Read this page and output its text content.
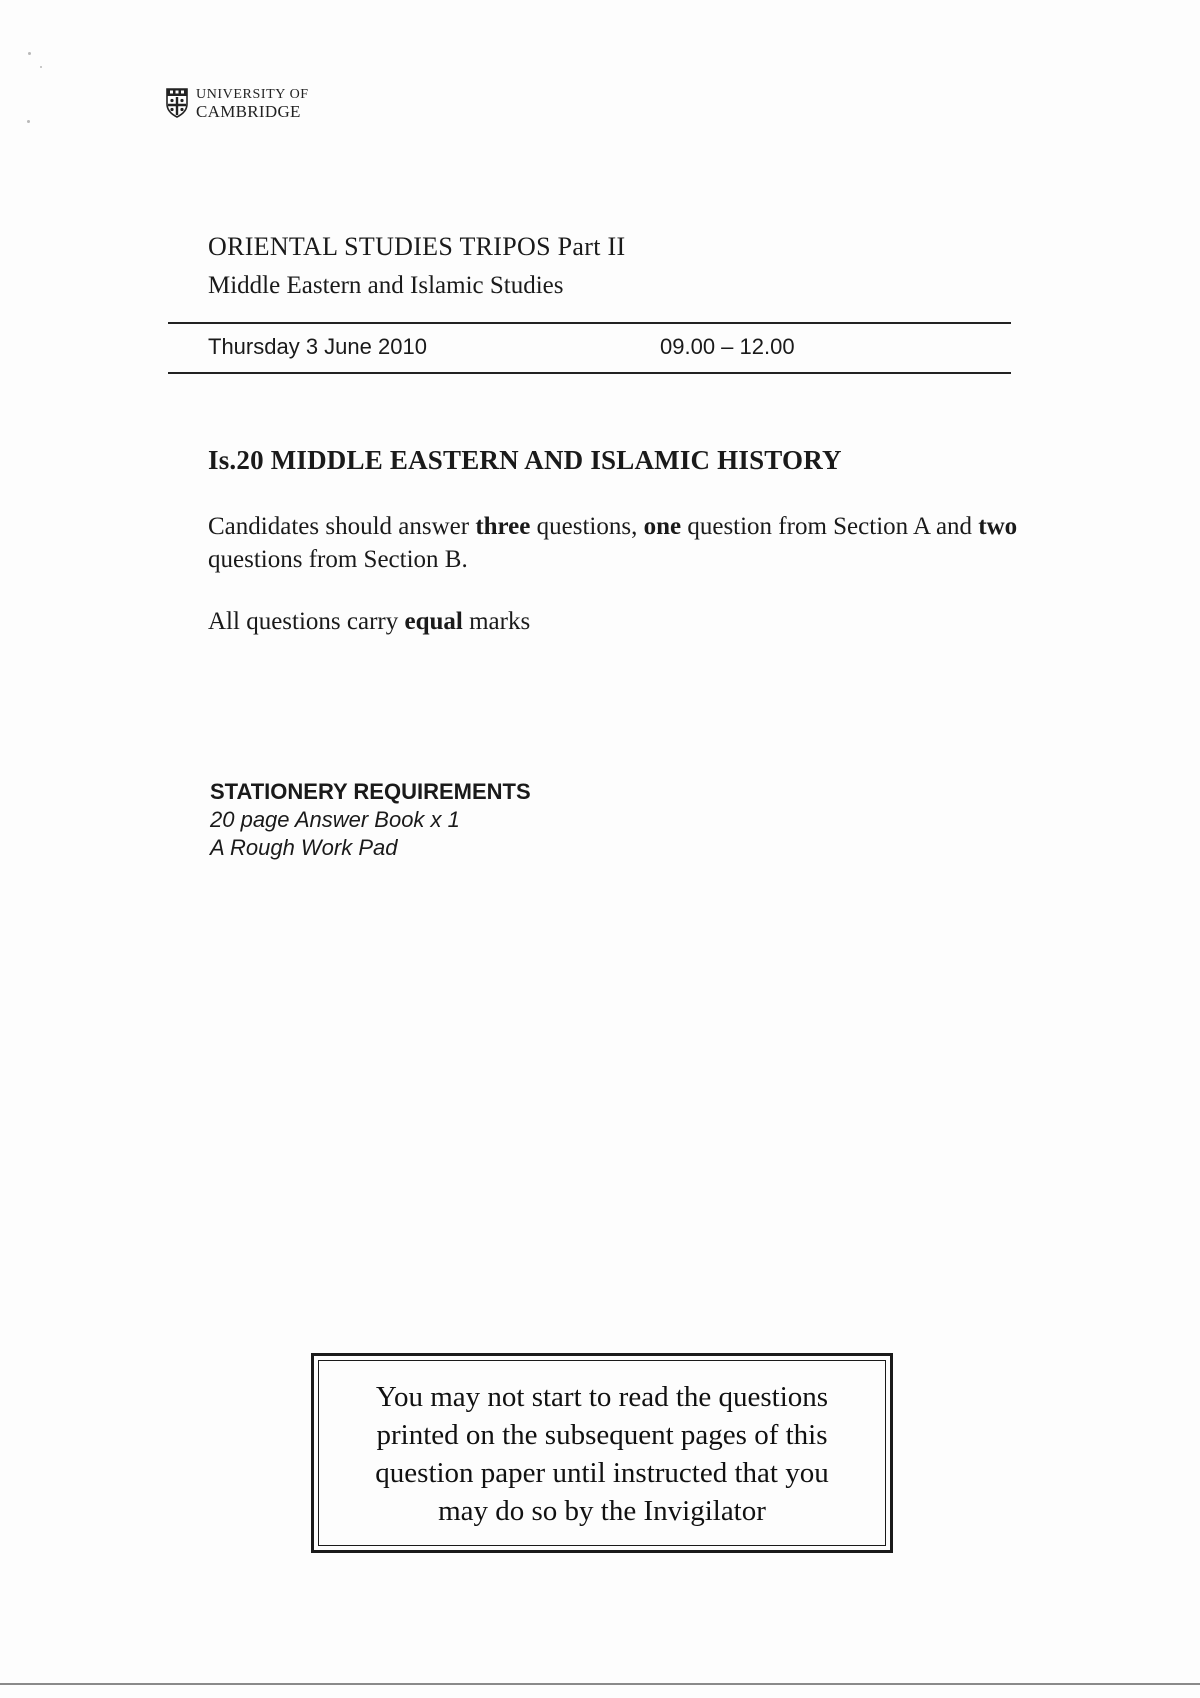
UNIVERSITY OF
CAMBRIDGE
ORIENTAL STUDIES TRIPOS Part II
Middle Eastern and Islamic Studies
Thursday 3 June 2010	09.00 – 12.00
Is.20 MIDDLE EASTERN AND ISLAMIC HISTORY
Candidates should answer three questions, one question from Section A and two questions from Section B.
All questions carry equal marks
STATIONERY REQUIREMENTS
20 page Answer Book x 1
A Rough Work Pad
You may not start to read the questions
printed on the subsequent pages of this
question paper until instructed that you
may do so by the Invigilator
